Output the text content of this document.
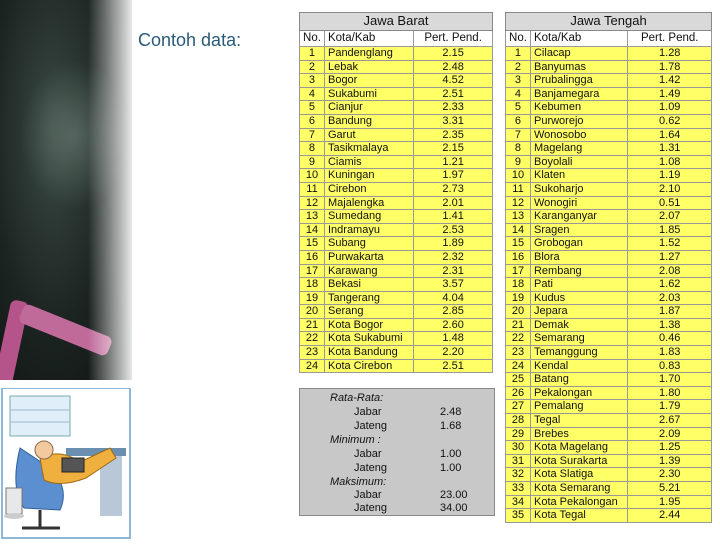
Contoh data:
Jawa Barat		
No.	Kota/Kab	Pert. Pend.
1	Pandenglang	2.15
2	Lebak	2.48
3	Bogor	4.52
4	Sukabumi	2.51
5	Cianjur	2.33
6	Bandung	3.31
7	Garut	2.35
8	Tasikmalaya	2.15
9	Ciamis	1.21
10	Kuningan	1.97
11	Cirebon	2.73
12	Majalengka	2.01
13	Sumedang	1.41
14	Indramayu	2.53
15	Subang	1.89
16	Purwakarta	2.32
17	Karawang	2.31
18	Bekasi	3.57
19	Tangerang	4.04
20	Serang	2.85
21	Kota Bogor	2.60
22	Kota Sukabumi	1.48
23	Kota Bandung	2.20
24	Kota Cirebon	2.51
Jawa Tengah		
No.	Kota/Kab	Pert. Pend.
1	Cilacap	1.28
2	Banyumas	1.78
3	Prubalingga	1.42
4	Banjamegara	1.49
5	Kebumen	1.09
6	Purworejo	0.62
7	Wonosobo	1.64
8	Magelang	1.31
9	Boyolali	1.08
10	Klaten	1.19
11	Sukoharjo	2.10
12	Wonogiri	0.51
13	Karanganyar	2.07
14	Sragen	1.85
15	Grobogan	1.52
16	Blora	1.27
17	Rembang	2.08
18	Pati	1.62
19	Kudus	2.03
20	Jepara	1.87
21	Demak	1.38
22	Semarang	0.46
23	Temanggung	1.83
24	Kendal	0.83
25	Batang	1.70
26	Pekalongan	1.80
27	Pemalang	1.79
28	Tegal	2.67
29	Brebes	2.09
30	Kota Magelang	1.25
31	Kota Surakarta	1.39
32	Kota Slatiga	2.30
33	Kota Semarang	5.21
34	Kota Pekalongan	1.95
35	Kota Tegal	2.44
Rata-Rata:
Jabar	2.48
Jateng	1.68
Minimum :
Jabar	1.00
Jateng	1.00
Maksimum:
Jabar	23.00
Jateng	34.00
